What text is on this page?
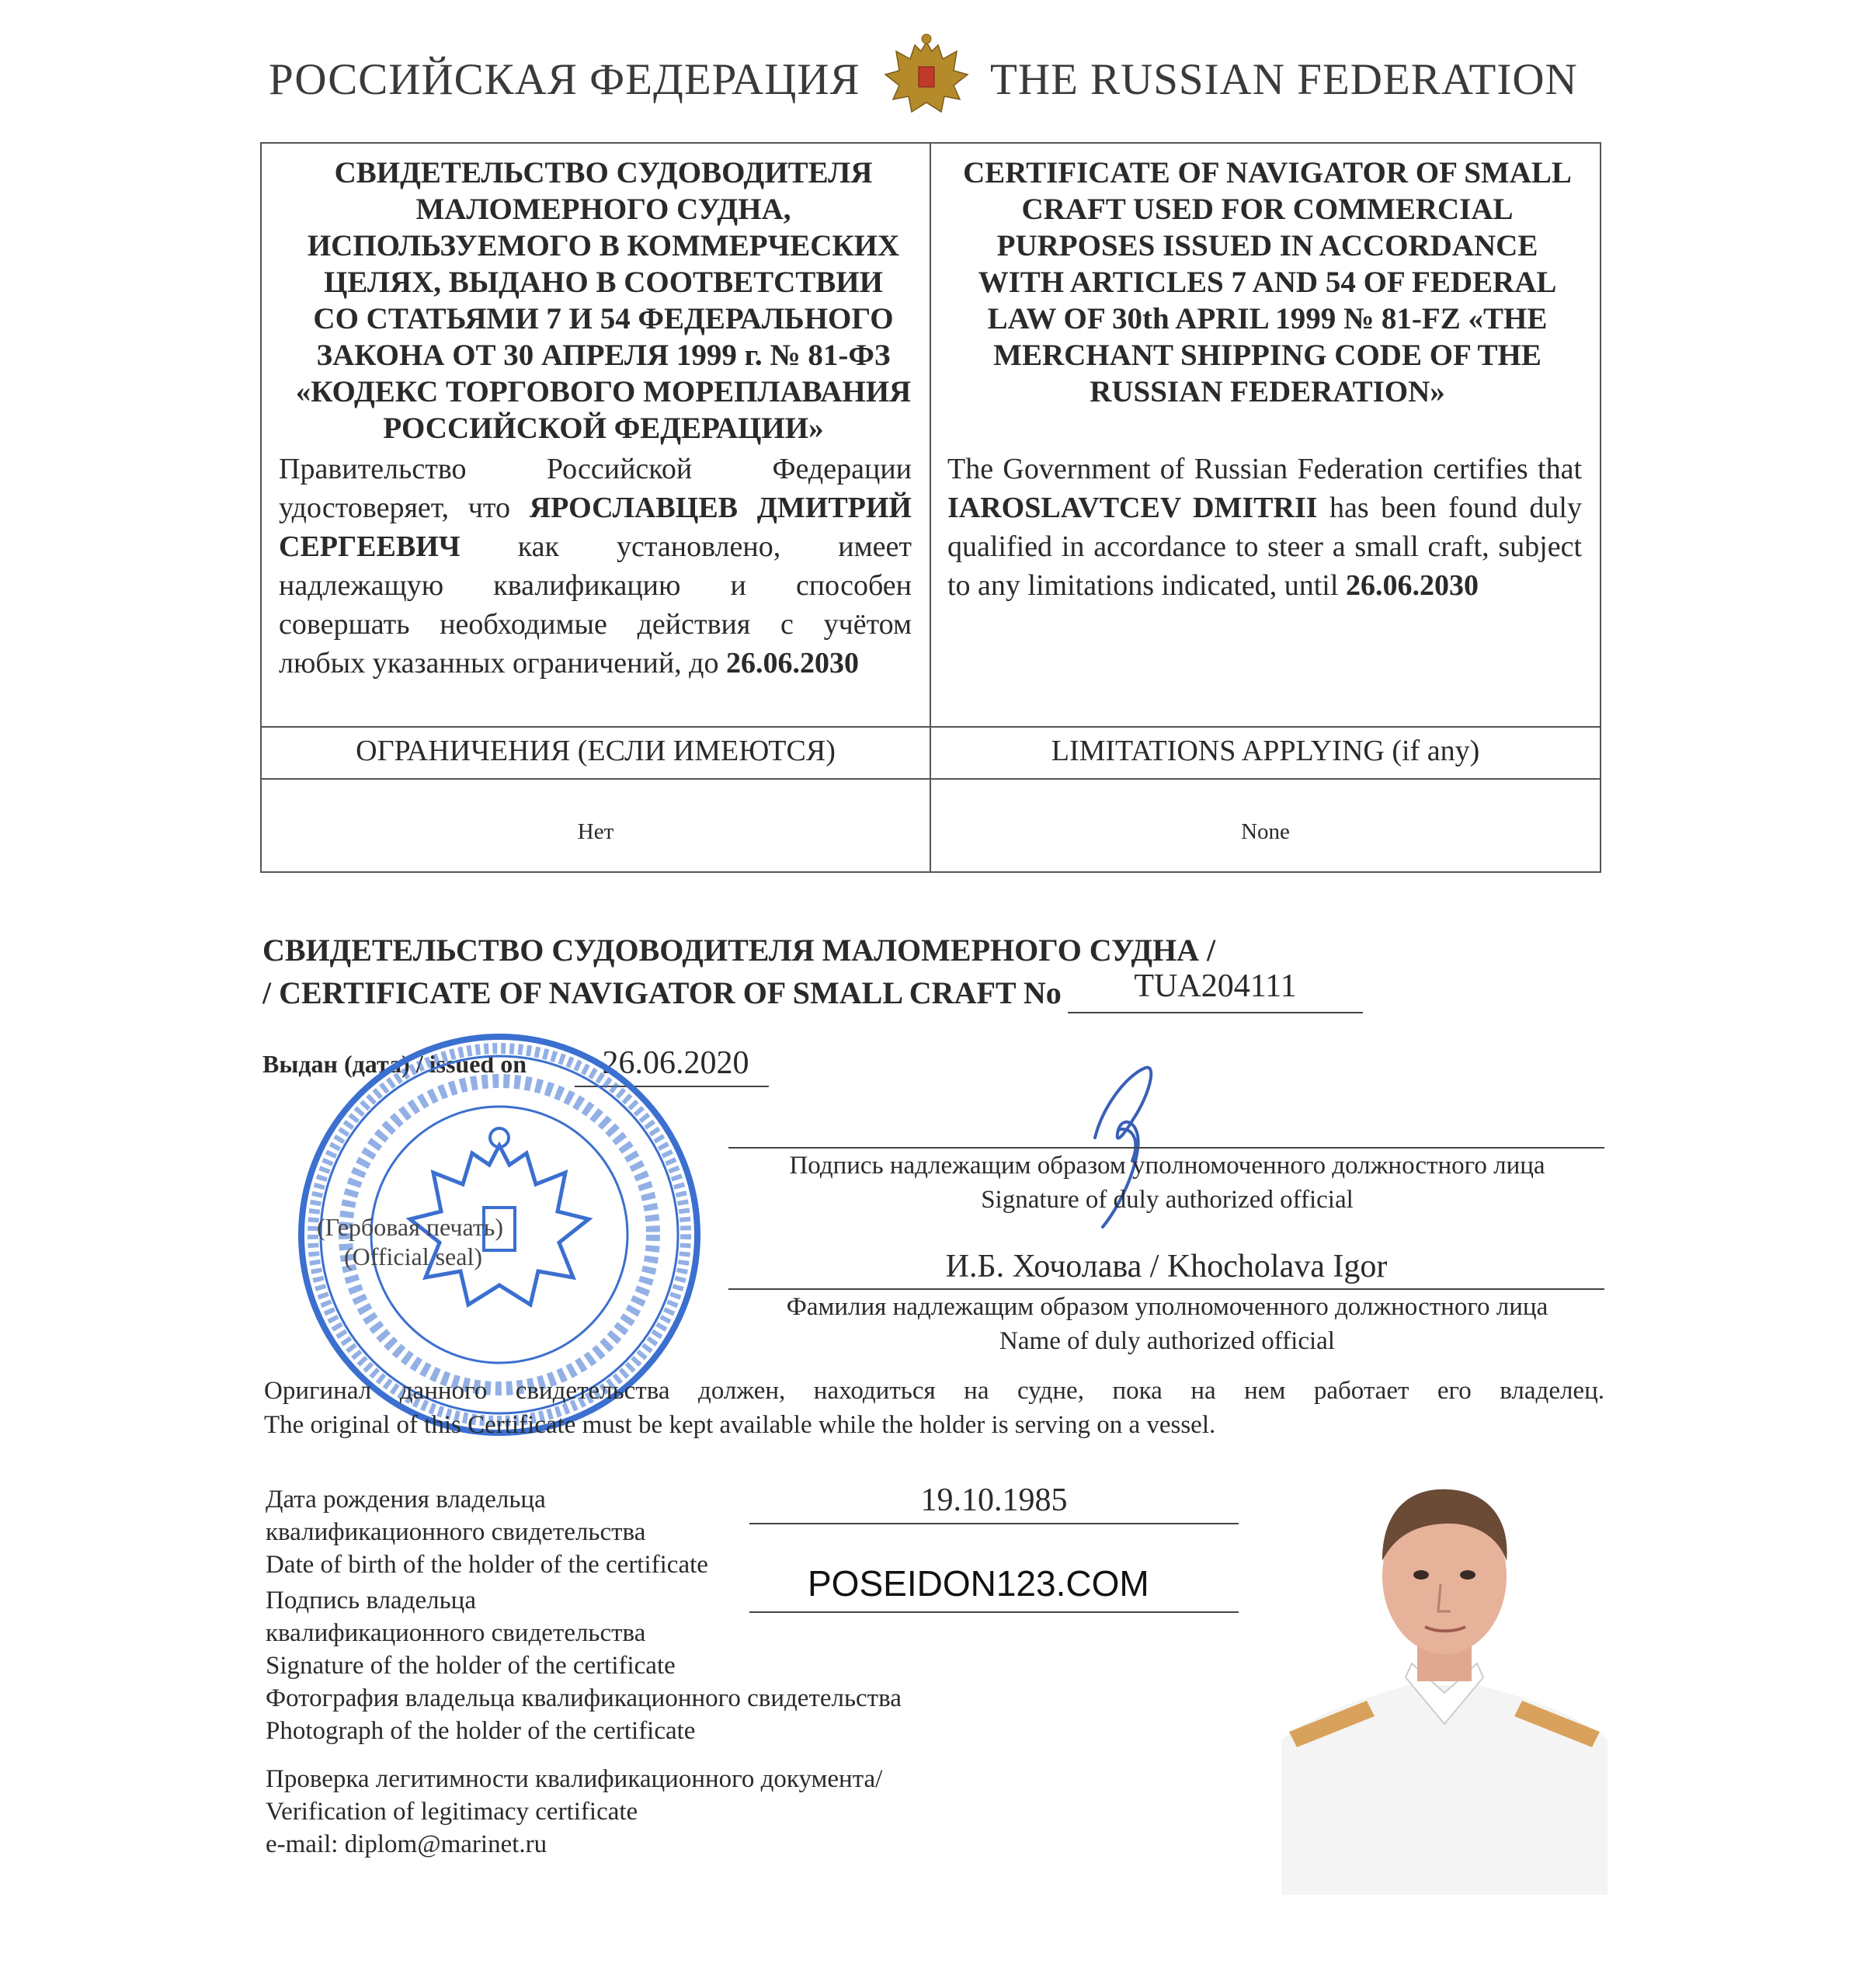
РОССИЙСКАЯ ФЕДЕРАЦИЯ	THE RUSSIAN FEDERATION
СВИДЕТЕЛЬСТВО СУДОВОДИТЕЛЯ
МАЛОМЕРНОГО СУДНА,
ИСПОЛЬЗУЕМОГО В КОММЕРЧЕСКИХ
ЦЕЛЯХ, ВЫДАНО В СООТВЕТСТВИИ
СО СТАТЬЯМИ 7 И 54 ФЕДЕРАЛЬНОГО
ЗАКОНА ОТ 30 АПРЕЛЯ 1999 г. № 81-ФЗ
«КОДЕКС ТОРГОВОГО МОРЕПЛАВАНИЯ
РОССИЙСКОЙ ФЕДЕРАЦИИ»
CERTIFICATE OF NAVIGATOR OF SMALL
CRAFT USED FOR COMMERCIAL
PURPOSES ISSUED IN ACCORDANCE
WITH ARTICLES 7 AND 54 OF FEDERAL
LAW OF 30th APRIL 1999 № 81-FZ «THE
MERCHANT SHIPPING CODE OF THE
RUSSIAN FEDERATION»
Правительство Российской Федерации удостоверяет, что ЯРОСЛАВЦЕВ ДМИТРИЙ СЕРГЕЕВИЧ как установлено, имеет надлежащую квалификацию и способен совершать необходимые действия с учётом любых указанных ограничений, до 26.06.2030
The Government of Russian Federation certifies that IAROSLAVTCEV DMITRII has been found duly qualified in accordance to steer a small craft, subject to any limitations indicated, until 26.06.2030
ОГРАНИЧЕНИЯ (ЕСЛИ ИМЕЮТСЯ)	LIMITATIONS APPLYING (if any)
Нет	None
СВИДЕТЕЛЬСТВО СУДОВОДИТЕЛЯ МАЛОМЕРНОГО СУДНА /
/ CERTIFICATE OF NAVIGATOR OF SMALL CRAFT No	TUA204111
Выдан (дата) / issued on	26.06.2020
(Гербовая печать)
(Official seal)
Подпись надлежащим образом уполномоченного должностного лица
Signature of duly authorized official
И.Б. Хочолава / Khocholava Igor
Фамилия надлежащим образом уполномоченного должностного лица
Name of duly authorized official
Оригинал данного свидетельства должен, находиться на судне, пока на нем работает его владелец.
The original of this Certificate must be kept available while the holder is serving on a vessel.
Дата рождения владельца
квалификационного свидетельства
Date of birth of the holder of the certificate
19.10.1985
Подпись владельца
квалификационного свидетельства
Signature of the holder of the certificate
POSEIDON123.COM
Фотография владельца квалификационного свидетельства
Photograph of the holder of the certificate
Проверка легитимности квалификационного документа/
Verification of legitimacy certificate
e-mail: diplom@marinet.ru
